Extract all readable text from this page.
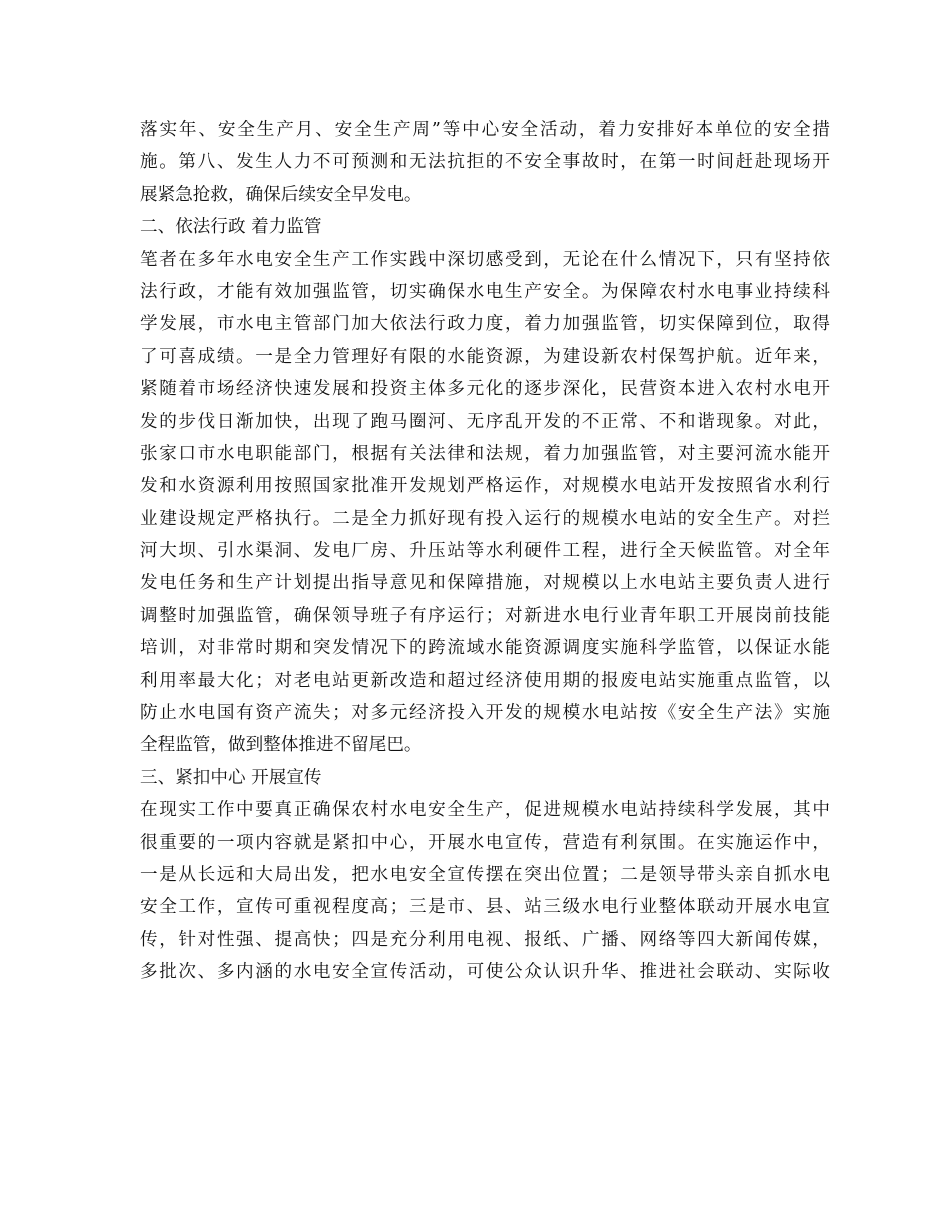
落实年、安全生产月、安全生产周”等中心安全活动，着力安排好本单位的安全措
施。第八、发生人力不可预测和无法抗拒的不安全事故时，在第一时间赶赴现场开
展紧急抢救，确保后续安全早发电。
二、依法行政 着力监管
笔者在多年水电安全生产工作实践中深切感受到，无论在什么情况下，只有坚持依
法行政，才能有效加强监管，切实确保水电生产安全。为保障农村水电事业持续科
学发展，市水电主管部门加大依法行政力度，着力加强监管，切实保障到位，取得
了可喜成绩。一是全力管理好有限的水能资源，为建设新农村保驾护航。近年来，
紧随着市场经济快速发展和投资主体多元化的逐步深化，民营资本进入农村水电开
发的步伐日渐加快，出现了跑马圈河、无序乱开发的不正常、不和谐现象。对此，
张家口市水电职能部门，根据有关法律和法规，着力加强监管，对主要河流水能开
发和水资源利用按照国家批准开发规划严格运作，对规模水电站开发按照省水利行
业建设规定严格执行。二是全力抓好现有投入运行的规模水电站的安全生产。对拦
河大坝、引水渠洞、发电厂房、升压站等水利硬件工程，进行全天候监管。对全年
发电任务和生产计划提出指导意见和保障措施，对规模以上水电站主要负责人进行
调整时加强监管，确保领导班子有序运行；对新进水电行业青年职工开展岗前技能
培训，对非常时期和突发情况下的跨流域水能资源调度实施科学监管，以保证水能
利用率最大化；对老电站更新改造和超过经济使用期的报废电站实施重点监管，以
防止水电国有资产流失；对多元经济投入开发的规模水电站按《安全生产法》实施
全程监管，做到整体推进不留尾巴。
三、紧扣中心 开展宣传
在现实工作中要真正确保农村水电安全生产，促进规模水电站持续科学发展，其中
很重要的一项内容就是紧扣中心，开展水电宣传，营造有利氛围。在实施运作中，
一是从长远和大局出发，把水电安全宣传摆在突出位置；二是领导带头亲自抓水电
安全工作，宣传可重视程度高；三是市、县、站三级水电行业整体联动开展水电宣
传，针对性强、提高快；四是充分利用电视、报纸、广播、网络等四大新闻传媒，
多批次、多内涵的水电安全宣传活动，可使公众认识升华、推进社会联动、实际收
